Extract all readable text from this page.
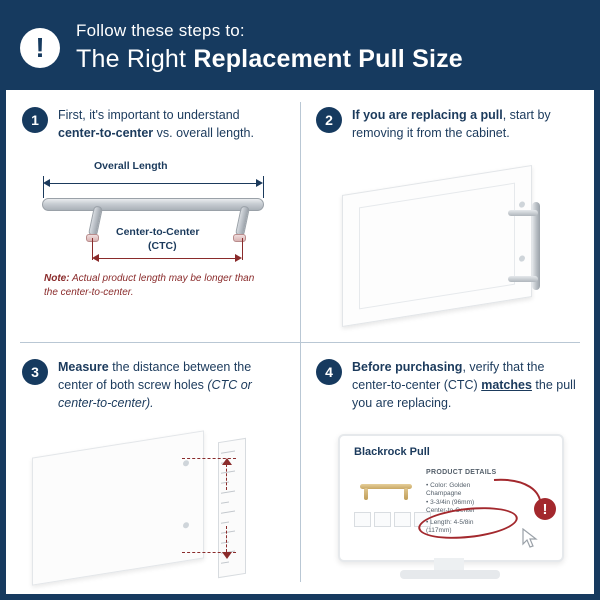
!
Follow these steps to:
The Right Replacement Pull Size
1	First, it's important to understand center-to-center vs. overall length.
Overall Length
Center-to-Center
(CTC)
Note: Actual product length may be longer than the center-to-center.
2	If you are replacing a pull, start by removing it from the cabinet.
3	Measure the distance between the center of both screw holes (CTC or center-to-center).
4	Before purchasing, verify that the center-to-center (CTC) matches the pull you are replacing.
Blackrock Pull
PRODUCT DETAILS
• Color: Golden Champagne
• 3-3/4in (96mm) Center-to-Center
• Length: 4-5/8in (117mm)
!
